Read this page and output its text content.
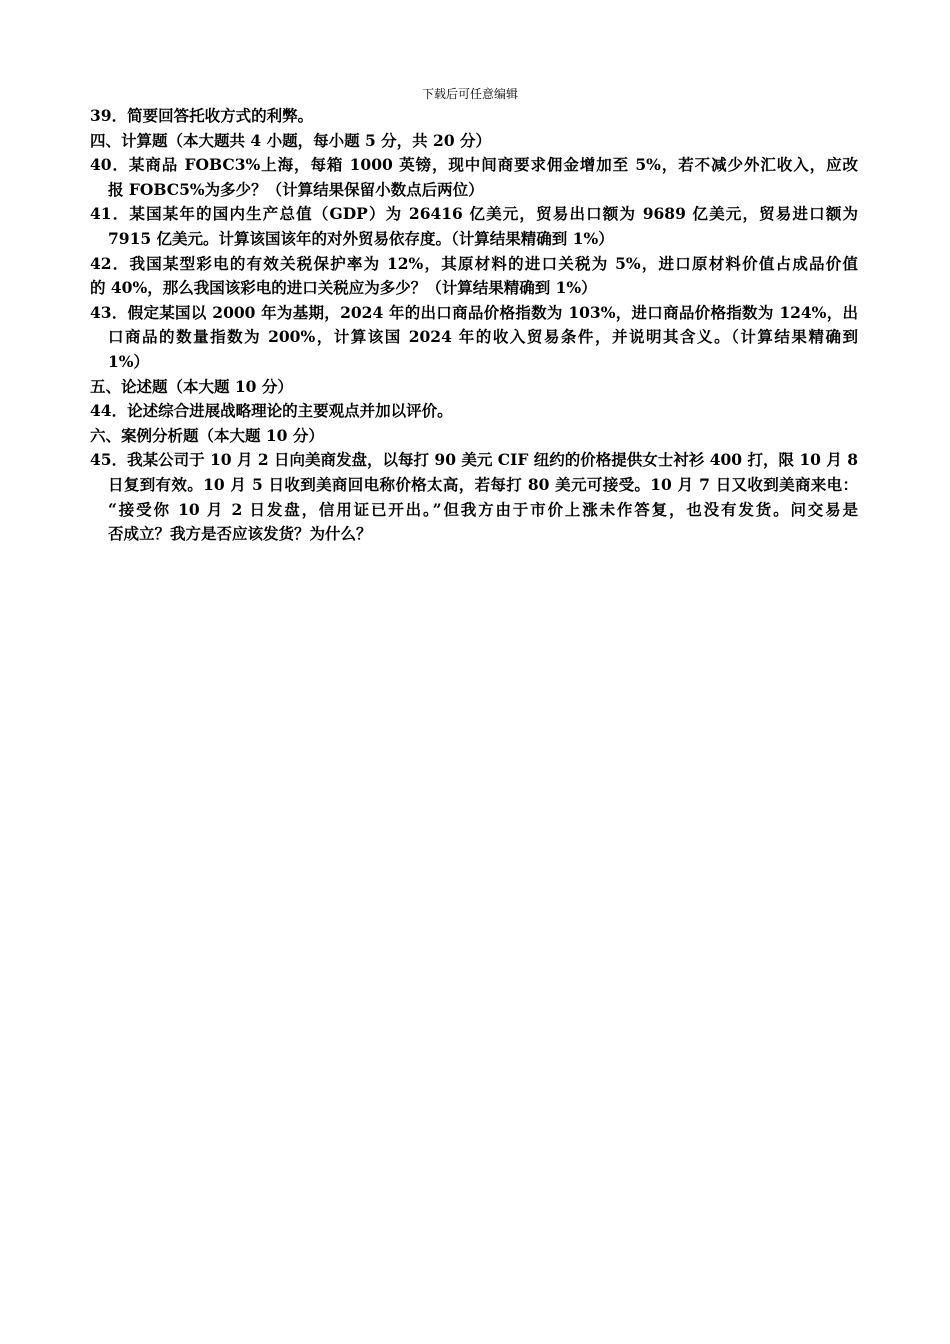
下载后可任意编辑
39．简要回答托收方式的利弊。
四、计算题（本大题共 4 小题，每小题 5 分，共 20 分）
40．某商品 FOBC3%上海，每箱 1000 英镑，现中间商要求佣金增加至 5%，若不减少外汇收入，应改
报 FOBC5%为多少？（计算结果保留小数点后两位）
41．某国某年的国内生产总值（GDP）为 26416 亿美元，贸易出口额为 9689 亿美元，贸易进口额为
7915 亿美元。计算该国该年的对外贸易依存度。（计算结果精确到 1%）
42．我国某型彩电的有效关税保护率为 12%，其原材料的进口关税为 5%，进口原材料价值占成品价值
的 40%，那么我国该彩电的进口关税应为多少？（计算结果精确到 1%）
43．假定某国以 2000 年为基期，2024 年的出口商品价格指数为 103%，进口商品价格指数为 124%，出
口商品的数量指数为 200%，计算该国 2024 年的收入贸易条件，并说明其含义。（计算结果精确到
1%）
五、论述题（本大题 10 分）
44．论述综合进展战略理论的主要观点并加以评价。
六、案例分析题（本大题 10 分）
45．我某公司于 10 月 2 日向美商发盘，以每打 90 美元 CIF 纽约的价格提供女士衬衫 400 打，限 10 月 8
日复到有效。10 月 5 日收到美商回电称价格太高，若每打 80 美元可接受。10 月 7 日又收到美商来电：
“接受你 10 月 2 日发盘，信用证已开出。”但我方由于市价上涨未作答复，也没有发货。问交易是
否成立？我方是否应该发货？为什么？
